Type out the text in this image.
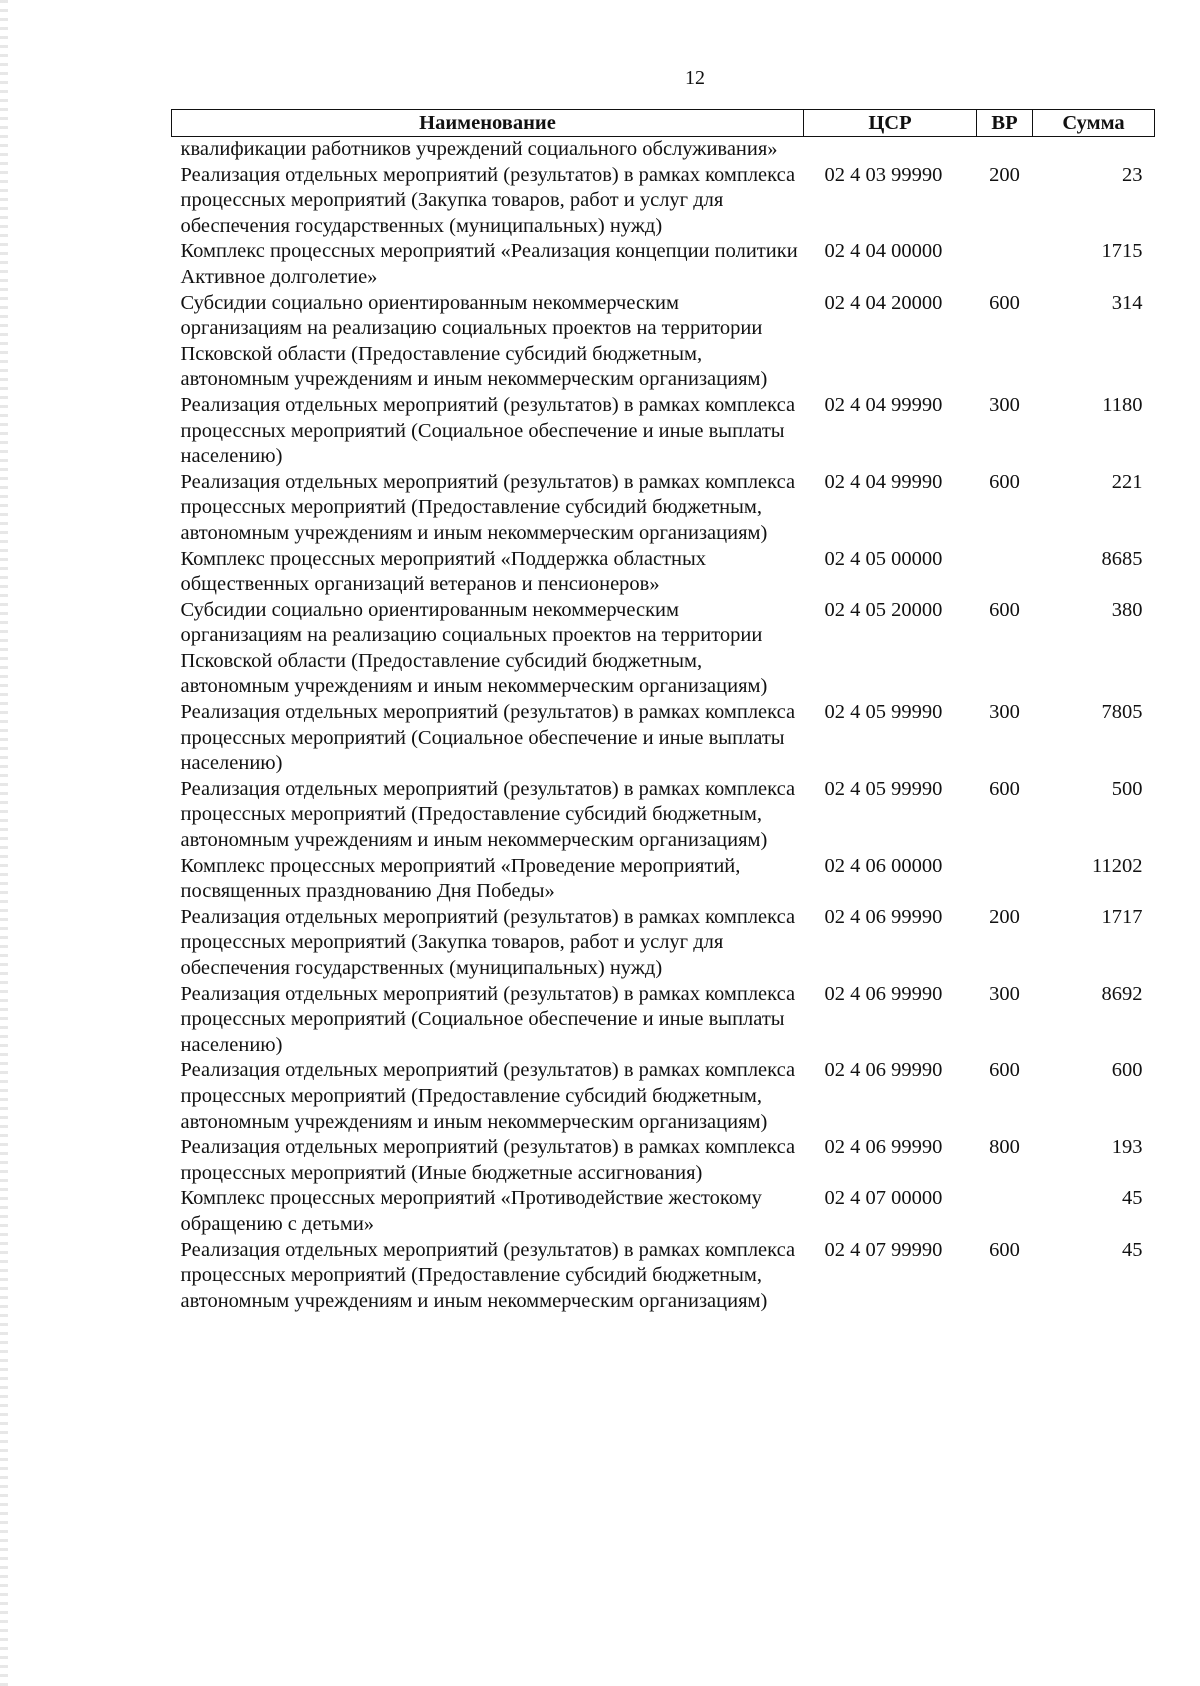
12
Наименование	ЦСР	ВР	Сумма
квалификации работников учреждений социального обслуживания»			
Реализация отдельных мероприятий (результатов) в рамках комплекса процессных мероприятий (Закупка товаров, работ и услуг для обеспечения государственных (муниципальных) нужд)	02 4 03 99990	200	23
Комплекс процессных мероприятий «Реализация концепции политики Активное долголетие»	02 4 04 00000		1715
Субсидии социально ориентированным некоммерческим организациям на реализацию социальных проектов на территории Псковской области (Предоставление субсидий бюджетным, автономным учреждениям и иным некоммерческим организациям)	02 4 04 20000	600	314
Реализация отдельных мероприятий (результатов) в рамках комплекса процессных мероприятий (Социальное обеспечение и иные выплаты населению)	02 4 04 99990	300	1180
Реализация отдельных мероприятий (результатов) в рамках комплекса процессных мероприятий (Предоставление субсидий бюджетным, автономным учреждениям и иным некоммерческим организациям)	02 4 04 99990	600	221
Комплекс процессных мероприятий «Поддержка областных общественных организаций ветеранов и пенсионеров»	02 4 05 00000		8685
Субсидии социально ориентированным некоммерческим организациям на реализацию социальных проектов на территории Псковской области (Предоставление субсидий бюджетным, автономным учреждениям и иным некоммерческим организациям)	02 4 05 20000	600	380
Реализация отдельных мероприятий (результатов) в рамках комплекса процессных мероприятий (Социальное обеспечение и иные выплаты населению)	02 4 05 99990	300	7805
Реализация отдельных мероприятий (результатов) в рамках комплекса процессных мероприятий (Предоставление субсидий бюджетным, автономным учреждениям и иным некоммерческим организациям)	02 4 05 99990	600	500
Комплекс процессных мероприятий «Проведение мероприятий, посвященных празднованию Дня Победы»	02 4 06 00000		11202
Реализация отдельных мероприятий (результатов) в рамках комплекса процессных мероприятий (Закупка товаров, работ и услуг для обеспечения государственных (муниципальных) нужд)	02 4 06 99990	200	1717
Реализация отдельных мероприятий (результатов) в рамках комплекса процессных мероприятий (Социальное обеспечение и иные выплаты населению)	02 4 06 99990	300	8692
Реализация отдельных мероприятий (результатов) в рамках комплекса процессных мероприятий (Предоставление субсидий бюджетным, автономным учреждениям и иным некоммерческим организациям)	02 4 06 99990	600	600
Реализация отдельных мероприятий (результатов) в рамках комплекса процессных мероприятий (Иные бюджетные ассигнования)	02 4 06 99990	800	193
Комплекс процессных мероприятий «Противодействие жестокому обращению с детьми»	02 4 07 00000		45
Реализация отдельных мероприятий (результатов) в рамках комплекса процессных мероприятий (Предоставление субсидий бюджетным, автономным учреждениям и иным некоммерческим организациям)	02 4 07 99990	600	45
